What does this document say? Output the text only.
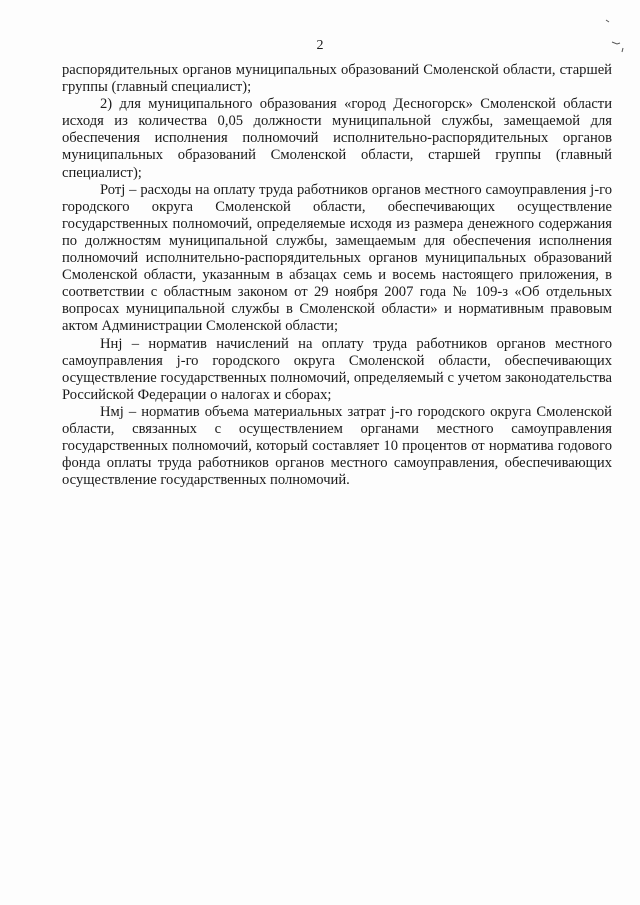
2

распорядительных органов муниципальных образований Смоленской области, старшей группы (главный специалист);

2) для муниципального образования «город Десногорск» Смоленской области исходя из количества 0,05 должности муниципальной службы, замещаемой для обеспечения исполнения полномочий исполнительно-распорядительных органов муниципальных образований Смоленской области, старшей группы (главный специалист);

Ротj – расходы на оплату труда работников органов местного самоуправления j-го городского округа Смоленской области, обеспечивающих осуществление государственных полномочий, определяемые исходя из размера денежного содержания по должностям муниципальной службы, замещаемым для обеспечения исполнения полномочий исполнительно-распорядительных органов муниципальных образований Смоленской области, указанным в абзацах семь и восемь настоящего приложения, в соответствии с областным законом от 29 ноября 2007 года № 109-з «Об отдельных вопросах муниципальной службы в Смоленской области» и нормативным правовым актом Администрации Смоленской области;

Ннj – норматив начислений на оплату труда работников органов местного самоуправления j-го городского округа Смоленской области, обеспечивающих осуществление государственных полномочий, определяемый с учетом законодательства Российской Федерации о налогах и сборах;

Нмj – норматив объема материальных затрат j-го городского округа Смоленской области, связанных с осуществлением органами местного самоуправления государственных полномочий, который составляет 10 процентов от норматива годового фонда оплаты труда работников органов местного самоуправления, обеспечивающих осуществление государственных полномочий.
